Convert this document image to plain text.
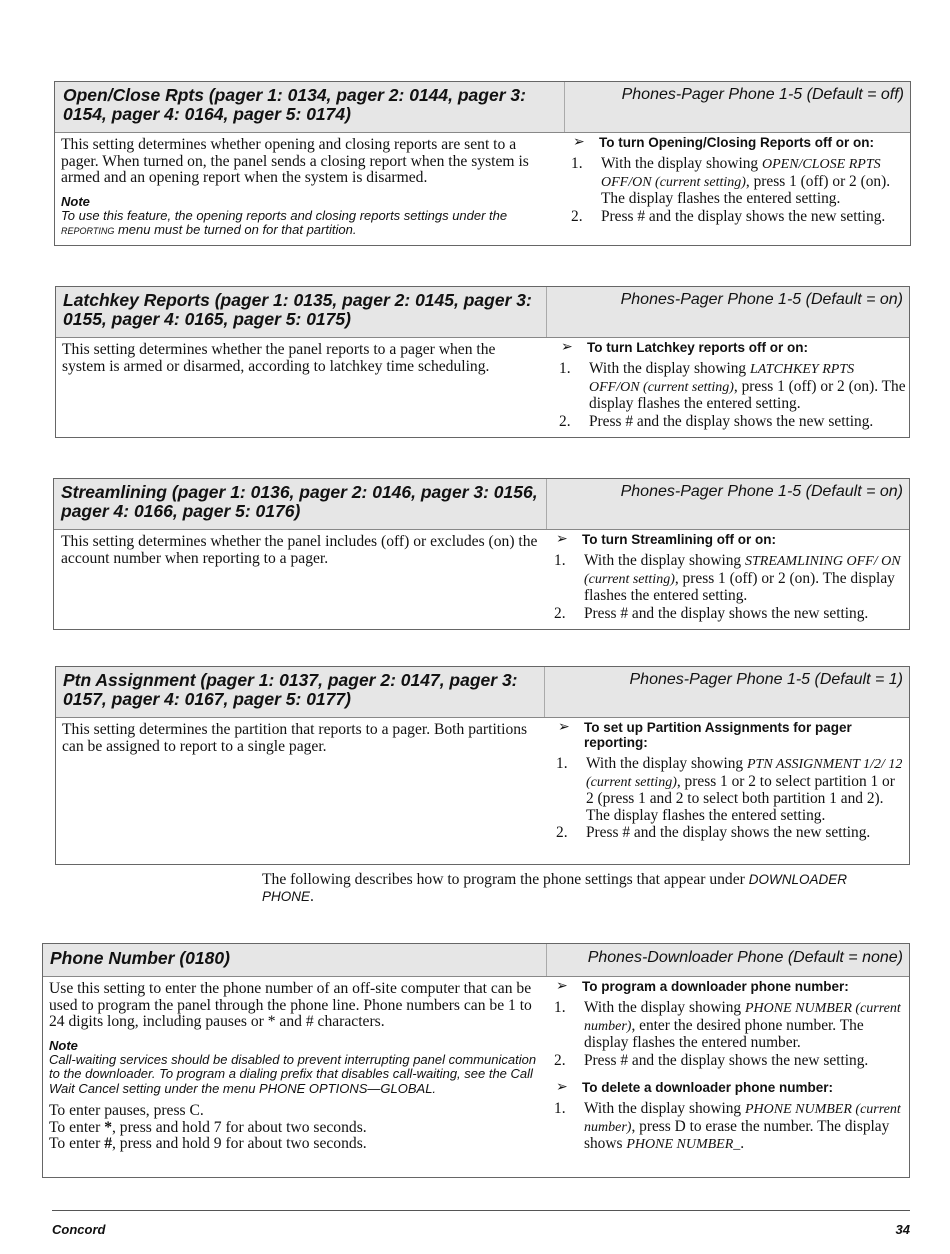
Open/Close Rpts (pager 1: 0134, pager 2: 0144, pager 3: 0154, pager 4: 0164, pager 5: 0174)
Phones-Pager Phone 1-5 (Default = off)
This setting determines whether opening and closing reports are sent to a pager. When turned on, the panel sends a closing report when the system is armed and an opening report when the system is disarmed.
Note
To use this feature, the opening reports and closing reports settings under the reporting menu must be turned on for that partition.
➢ To turn Opening/Closing Reports off or on:
1. With the display showing OPEN/CLOSE RPTS OFF/ON (current setting), press 1 (off) or 2 (on). The display flashes the entered setting.
2. Press # and the display shows the new setting.
Latchkey Reports (pager 1: 0135, pager 2: 0145, pager 3: 0155, pager 4: 0165, pager 5: 0175)
Phones-Pager Phone 1-5 (Default = on)
This setting determines whether the panel reports to a pager when the system is armed or disarmed, according to latchkey time scheduling.
➢ To turn Latchkey reports off or on:
1. With the display showing LATCHKEY RPTS OFF/ON (current setting), press 1 (off) or 2 (on). The display flashes the entered setting.
2. Press # and the display shows the new setting.
Streamlining (pager 1: 0136, pager 2: 0146, pager 3: 0156, pager 4: 0166, pager 5: 0176)
Phones-Pager Phone 1-5 (Default = on)
This setting determines whether the panel includes (off) or excludes (on) the account number when reporting to a pager.
➢ To turn Streamlining off or on:
1. With the display showing STREAMLINING OFF/ ON (current setting), press 1 (off) or 2 (on). The display flashes the entered setting.
2. Press # and the display shows the new setting.
Ptn Assignment (pager 1: 0137, pager 2: 0147, pager 3: 0157, pager 4: 0167, pager 5: 0177)
Phones-Pager Phone 1-5 (Default = 1)
This setting determines the partition that reports to a pager. Both partitions can be assigned to report to a single pager.
➢ To set up Partition Assignments for pager reporting:
1. With the display showing PTN ASSIGNMENT 1/2/ 12 (current setting), press 1 or 2 to select partition 1 or 2 (press 1 and 2 to select both partition 1 and 2). The display flashes the entered setting.
2. Press # and the display shows the new setting.
The following describes how to program the phone settings that appear under DOWNLOADER PHONE.
Phone Number (0180)	Phones-Downloader Phone (Default = none)
Use this setting to enter the phone number of an off-site computer that can be used to program the panel through the phone line. Phone numbers can be 1 to 24 digits long, including pauses or * and # characters.
Note
Call-waiting services should be disabled to prevent interrupting panel communication to the downloader. To program a dialing prefix that disables call-waiting, see the Call Wait Cancel setting under the menu PHONE OPTIONS—GLOBAL.
To enter pauses, press C.
To enter *, press and hold 7 for about two seconds.
To enter #, press and hold 9 for about two seconds.
➢ To program a downloader phone number:
1. With the display showing PHONE NUMBER (current number), enter the desired phone number. The display flashes the entered number.
2. Press # and the display shows the new setting.
➢ To delete a downloader phone number:
1. With the display showing PHONE NUMBER (current number), press D to erase the number. The display shows PHONE NUMBER_.
Concord	34
